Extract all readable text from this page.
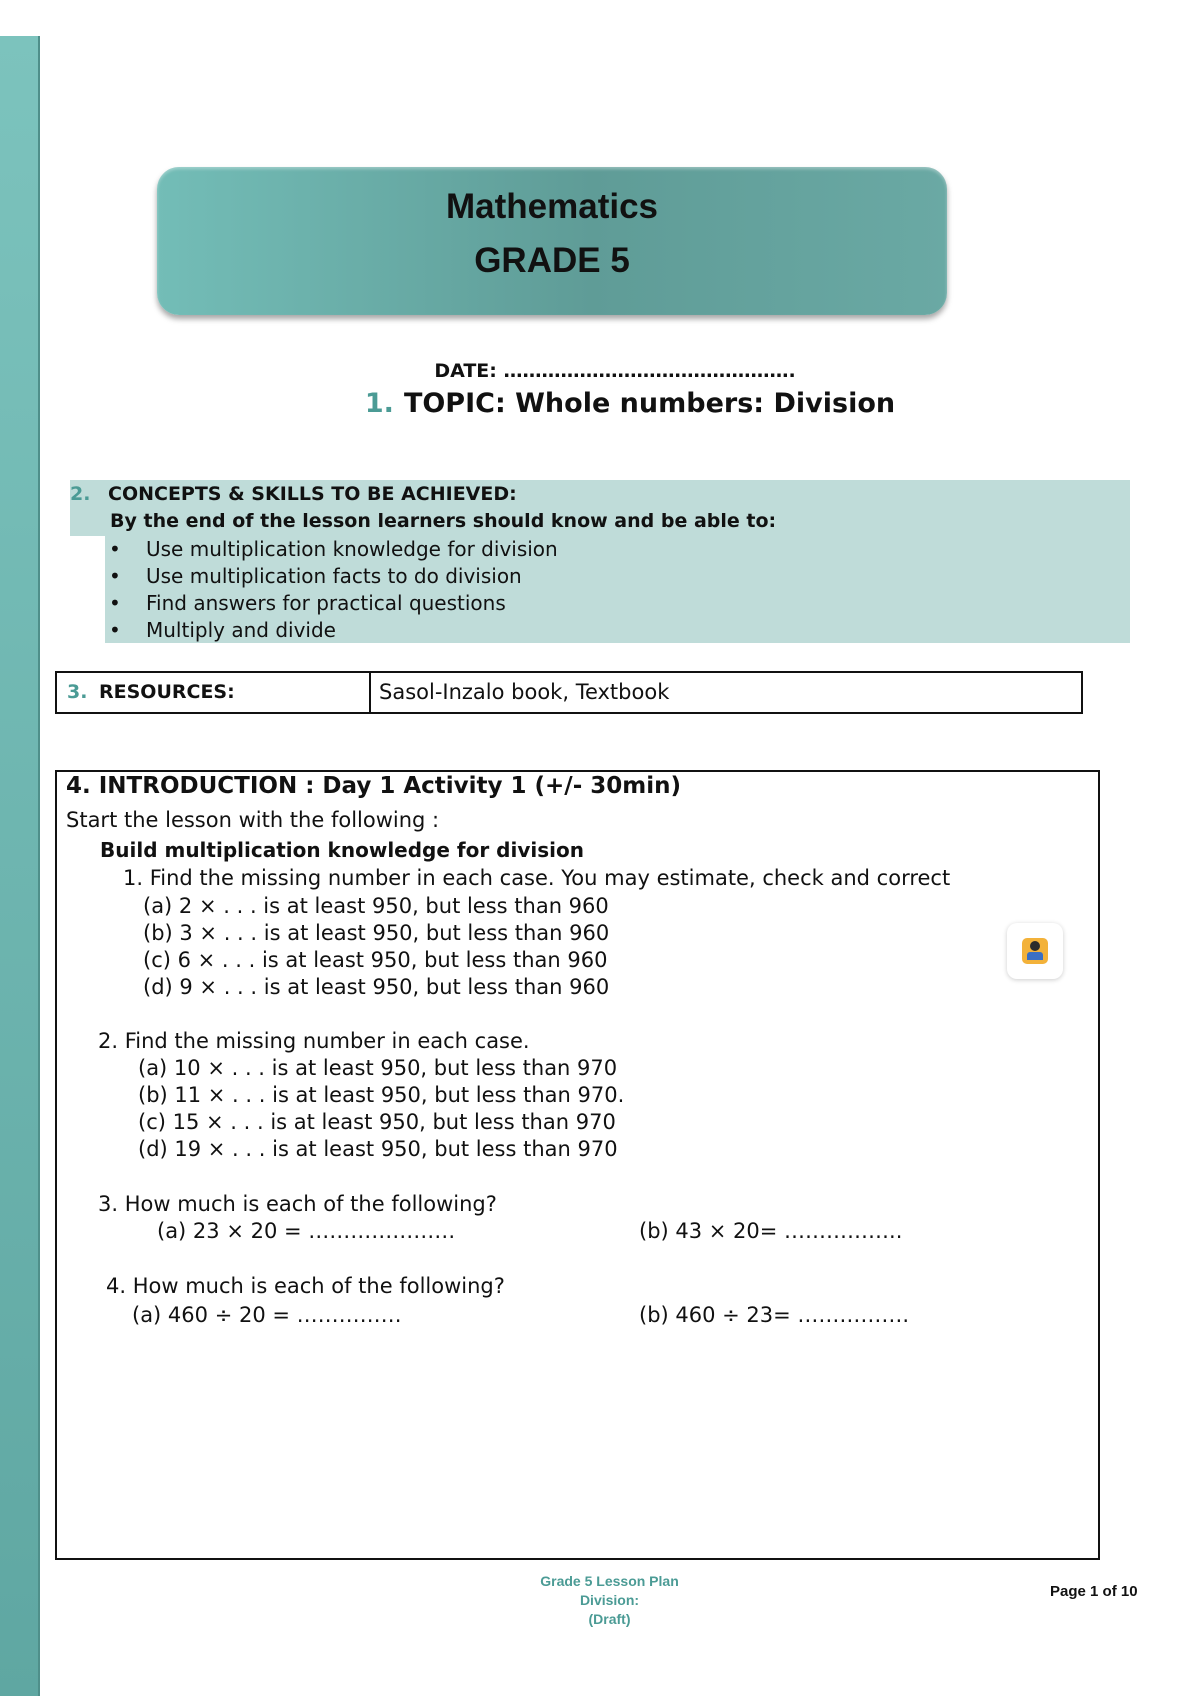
Mathematics
GRADE 5
DATE: ……………………………………….
1. TOPIC: Whole numbers: Division
2. CONCEPTS & SKILLS TO BE ACHIEVED:
By the end of the lesson learners should know and be able to:
• Use multiplication knowledge for division
• Use multiplication facts to do division
• Find answers for practical questions
• Multiply and divide
3. RESOURCES:	Sasol-Inzalo book, Textbook
4. INTRODUCTION : Day 1 Activity 1 (+/- 30min)
Start the lesson with the following :
Build multiplication knowledge for division
1. Find the missing number in each case. You may estimate, check and correct
(a) 2 × . . . is at least 950, but less than 960
(b) 3 × . . . is at least 950, but less than 960
(c) 6 × . . . is at least 950, but less than 960
(d) 9 × . . . is at least 950, but less than 960
2. Find the missing number in each case.
(a) 10 × . . . is at least 950, but less than 970
(b) 11 × . . . is at least 950, but less than 970.
(c) 15 × . . . is at least 950, but less than 970
(d) 19 × . . . is at least 950, but less than 970
3. How much is each of the following?
(a) 23 × 20 = …………………	(b) 43 × 20= ……………..
4. How much is each of the following?
(a) 460 ÷ 20 = ……………	(b) 460 ÷ 23= …………….
Grade 5 Lesson Plan
Division:
(Draft)
Page 1 of 10
